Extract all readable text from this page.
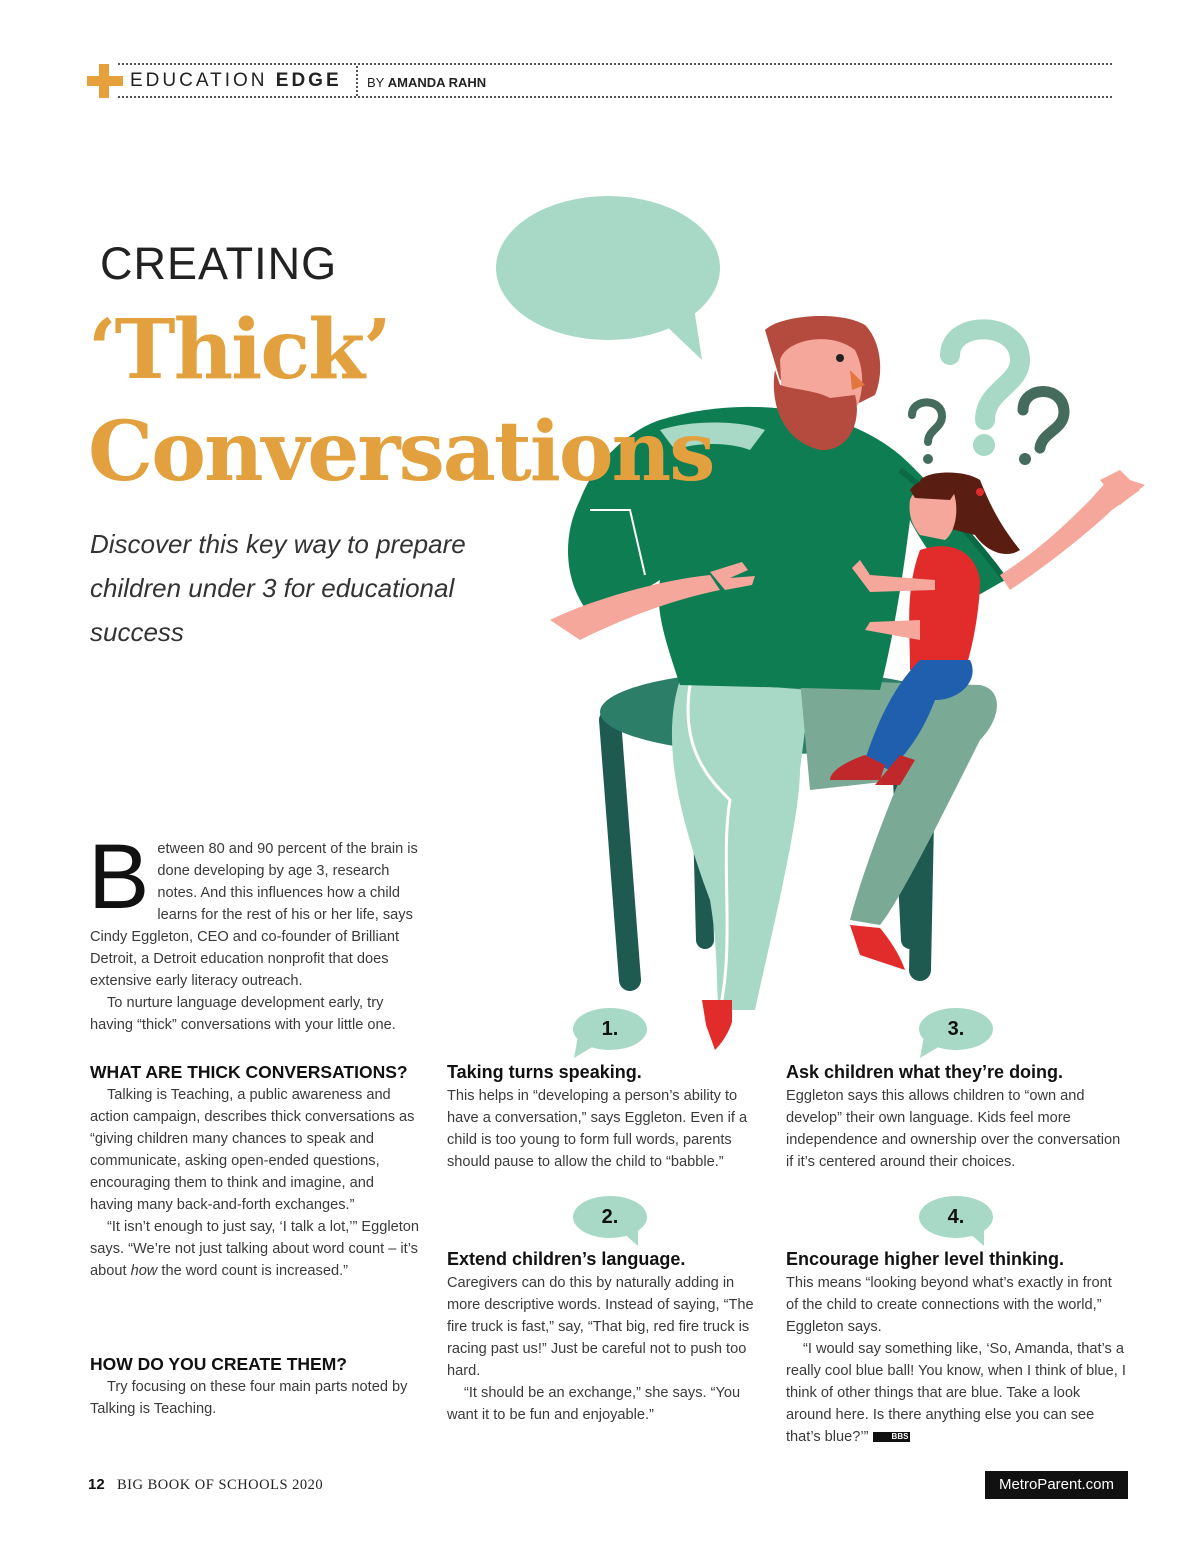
EDUCATION EDGE BY AMANDA RAHN
CREATING
‘Thick’
Conversations
Discover this key way to prepare children under 3 for educational success

Between 80 and 90 percent of the brain is done developing by age 3, research notes. And this influences how a child learns for the rest of his or her life, says Cindy Eggleton, CEO and co-founder of Brilliant Detroit, a Detroit education nonprofit that does extensive early literacy outreach.

To nurture language development early, try having “thick” conversations with your little one.

WHAT ARE THICK CONVERSATIONS?

Talking is Teaching, a public awareness and action campaign, describes thick conversations as “giving children many chances to speak and communicate, asking open-ended questions, encouraging them to think and imagine, and having many back-and-forth exchanges.”

“It isn’t enough to just say, ‘I talk a lot,’” Eggleton says. “We’re not just talking about word count – it’s about how the word count is increased.”

HOW DO YOU CREATE THEM?

Try focusing on these four main parts noted by Talking is Teaching.

1.
2.
3.
4.
Taking turns speaking.

This helps in “developing a person’s ability to have a conversation,” says Eggleton. Even if a child is too young to form full words, parents should pause to allow the child to “babble.”

Extend children’s language.

Caregivers can do this by naturally adding in more descriptive words. Instead of saying, “The fire truck is fast,” say, “That big, red fire truck is racing past us!” Just be careful not to push too hard.

“It should be an exchange,” she says. “You want it to be fun and enjoyable.”

Ask children what they’re doing.

Eggleton says this allows children to “own and develop” their own language. Kids feel more independence and ownership over the conversation if it’s centered around their choices.

Encourage higher level thinking.

This means “looking beyond what’s exactly in front of the child to create connections with the world,” Eggleton says.

“I would say something like, ‘So, Amanda, that’s a really cool blue ball! You know, when I think of blue, I think of other things that are blue. Take a look around here. Is there anything else you can see that’s blue?’”	BBS

12 BIG BOOK OF SCHOOLS 2020	MetroParent.com
